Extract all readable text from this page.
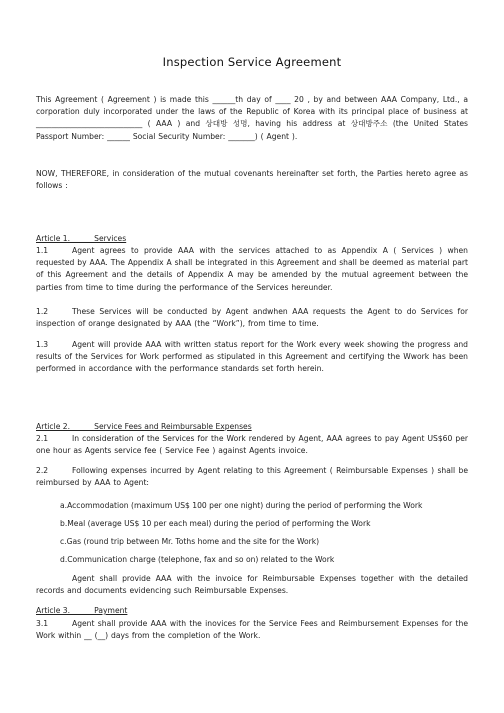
Inspection Service Agreement
This Agreement ( Agreement ) is made this ______th day of ____ 20 , by and between AAA Company, Ltd., a corporation duly incorporated under the laws of the Republic of Korea with its principal place of business at ____________________________ ( AAA ) and 상대방 성명, having his address at 상대방주소 (the United States Passport Number: ______ Social Security Number: _______) ( Agent ).
NOW, THEREFORE, in consideration of the mutual covenants hereinafter set forth, the Parties hereto agree as follows :
Article 1.          Services
1.1	Agent agrees to provide AAA with the services attached to as Appendix A ( Services ) when requested by AAA. The Appendix A shall be integrated in this Agreement and shall be deemed as material part of this Agreement and the details of Appendix A may be amended by the mutual agreement between the parties from time to time during the performance of the Services hereunder.
1.2	These Services will be conducted by Agent andwhen AAA requests the Agent to do Services for inspection of orange designated by AAA (the “Work”), from time to time.
1.3	Agent will provide AAA with written status report for the Work every week showing the progress and results of the Services for Work performed as stipulated in this Agreement and certifying the Wwork has been performed in accordance with the performance standards set forth herein.
Article 2.          Service Fees and Reimbursable Expenses
2.1	In consideration of the Services for the Work rendered by Agent, AAA agrees to pay Agent US$60 per one hour as Agents service fee ( Service Fee ) against Agents invoice.
2.2	Following expenses incurred by Agent relating to this Agreement ( Reimbursable Expenses ) shall be reimbursed by AAA to Agent:
a.Accommodation (maximum US$ 100 per one night) during the period of performing the Work
b.Meal (average US$ 10 per each meal) during the period of performing the Work
c.Gas (round trip between Mr. Toths home and the site for the Work)
d.Communication charge (telephone, fax and so on) related to the Work
Agent shall provide AAA with the invoice for Reimbursable Expenses together with the detailed records and documents evidencing such Reimbursable Expenses.
Article 3.          Payment
3.1	Agent shall provide AAA with the inovices for the Service Fees and Reimbursement Expenses for the Work within __ (__) days from the completion of the Work.
